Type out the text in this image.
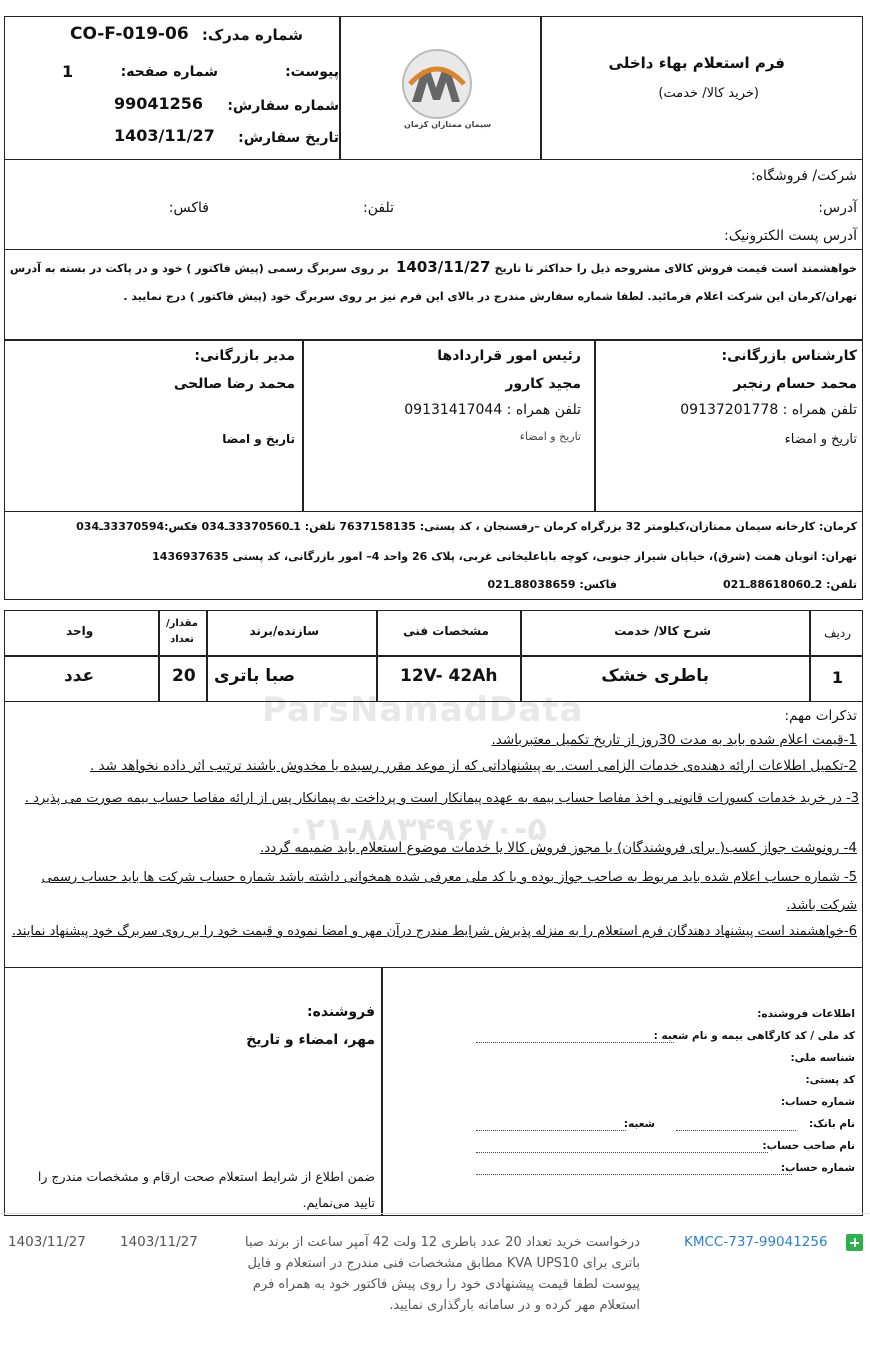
شماره مدرک:
CO-F-019-06
پیوست:
شماره صفحه:
1
شماره سفارش:
99041256
تاریخ سفارش:
1403/11/27
سیمان ممتازان کرمان
فرم استعلام بهاء داخلی
(خرید کالا/ خدمت)
شرکت/ فروشگاه:
آدرس:
تلفن:
فاکس:
آدرس پست الکترونیک:
خواهشمند است قیمت فروش کالای مشروحه ذیل را حداکثر تا تاریخ
1403/11/27
بر روی سربرگ رسمی (پیش فاکتور ) خود و در پاکت در بسته به آدرس
تهران/کرمان این شرکت اعلام فرمائید. لطفا شماره سفارش مندرج در بالای این فرم نیز بر روی سربرگ خود (پیش فاکتور ) درج نمایید .
کارشناس بازرگانی:
محمد حسام رنجبر
تلفن همراه : 09137201778
تاریخ و امضاء
رئیس امور قراردادها
مجید کارور
تلفن همراه : 09131417044
تاریخ و امضاء
مدیر بازرگانی:
محمد رضا صالحی
تاریخ و امضا
کرمان: کارخانه سیمان ممتازان،کیلومتر 32 بزرگراه کرمان –رفسنجان ، کد پستی: 7637158135 تلفن: 1ـ33370560ـ034 فکس:33370594ـ034
تهران: اتوبان همت (شرق)، خیابان شیراز جنوبی، کوچه باباعلیخانی غربی، پلاک 26 واحد 4– امور بازرگانی، کد پستی 1436937635
تلفن: 2ـ88618060ـ021
فاکس: 88038659ـ021
ردیف
شرح کالا/ خدمت
مشخصات فنی
سازنده/برند
مقدار/ تعداد
واحد
1
باطری خشک
12V- 42Ah
صبا باتری
20
عدد
ParsNamadData
۰۲۱-۸۸۳۴۹۶۷۰-۵
تذکرات مهم:
1-قیمت اعلام شده باید به مدت 30روز از تاریخ تکمیل معتبرباشد.
2-تکمیل اطلاعات ارائه دهنده‌ی خدمات الزامی است. به پیشنهاداتی که از موعد مقرر رسیده یا مخدوش باشند ترتیب اثر داده نخواهد شد .
3- در خرید خدمات کسورات قانونی و اخذ مفاصا حساب بیمه به عهده پیمانکار است و پرداخت به پیمانکار پس از ارائه مفاصا حساب بیمه صورت می پذیرد .
4- رونوشت جواز کسب( برای فروشندگان) یا مجوز فروش کالا یا خدمات موضوع استعلام باید ضمیمه گردد.
5- شماره حساب اعلام شده باید مربوط به صاحب جواز بوده و با کد ملی معرفی شده همخوانی داشته باشد شماره حساب شرکت ها باید حساب رسمی شرکت باشد.
6-خواهشمند است پیشنهاد دهندگان فرم استعلام را به منزله پذیرش شرایط مندرج درآن مهر و امضا نموده و قیمت خود را بر روی سربرگ خود پیشنهاد نمایند.
اطلاعات فروشنده:
کد ملی / کد کارگاهی بیمه و نام شعبه :
شناسه ملی:
کد پستی:
شماره حساب:
نام بانک:
شعبه:
نام صاحب حساب:
شماره حساب:
فروشنده:
مهر، امضاء و تاریخ
ضمن اطلاع از شرایط استعلام صحت ارقام و مشخصات مندرج را تایید می‌نمایم.
KMCC-737-99041256
درخواست خرید تعداد 20 عدد باطری 12 ولت 42 آمپر ساعت از برند صبا باتری برای KVA UPS10 مطابق مشخصات فنی مندرج در استعلام و فایل پیوست لطفا قیمت پیشنهادی خود را روی پیش فاکتور خود به همراه فرم استعلام مهر کرده و در سامانه بارگذاری نمایید.
1403/11/27
1403/11/27
